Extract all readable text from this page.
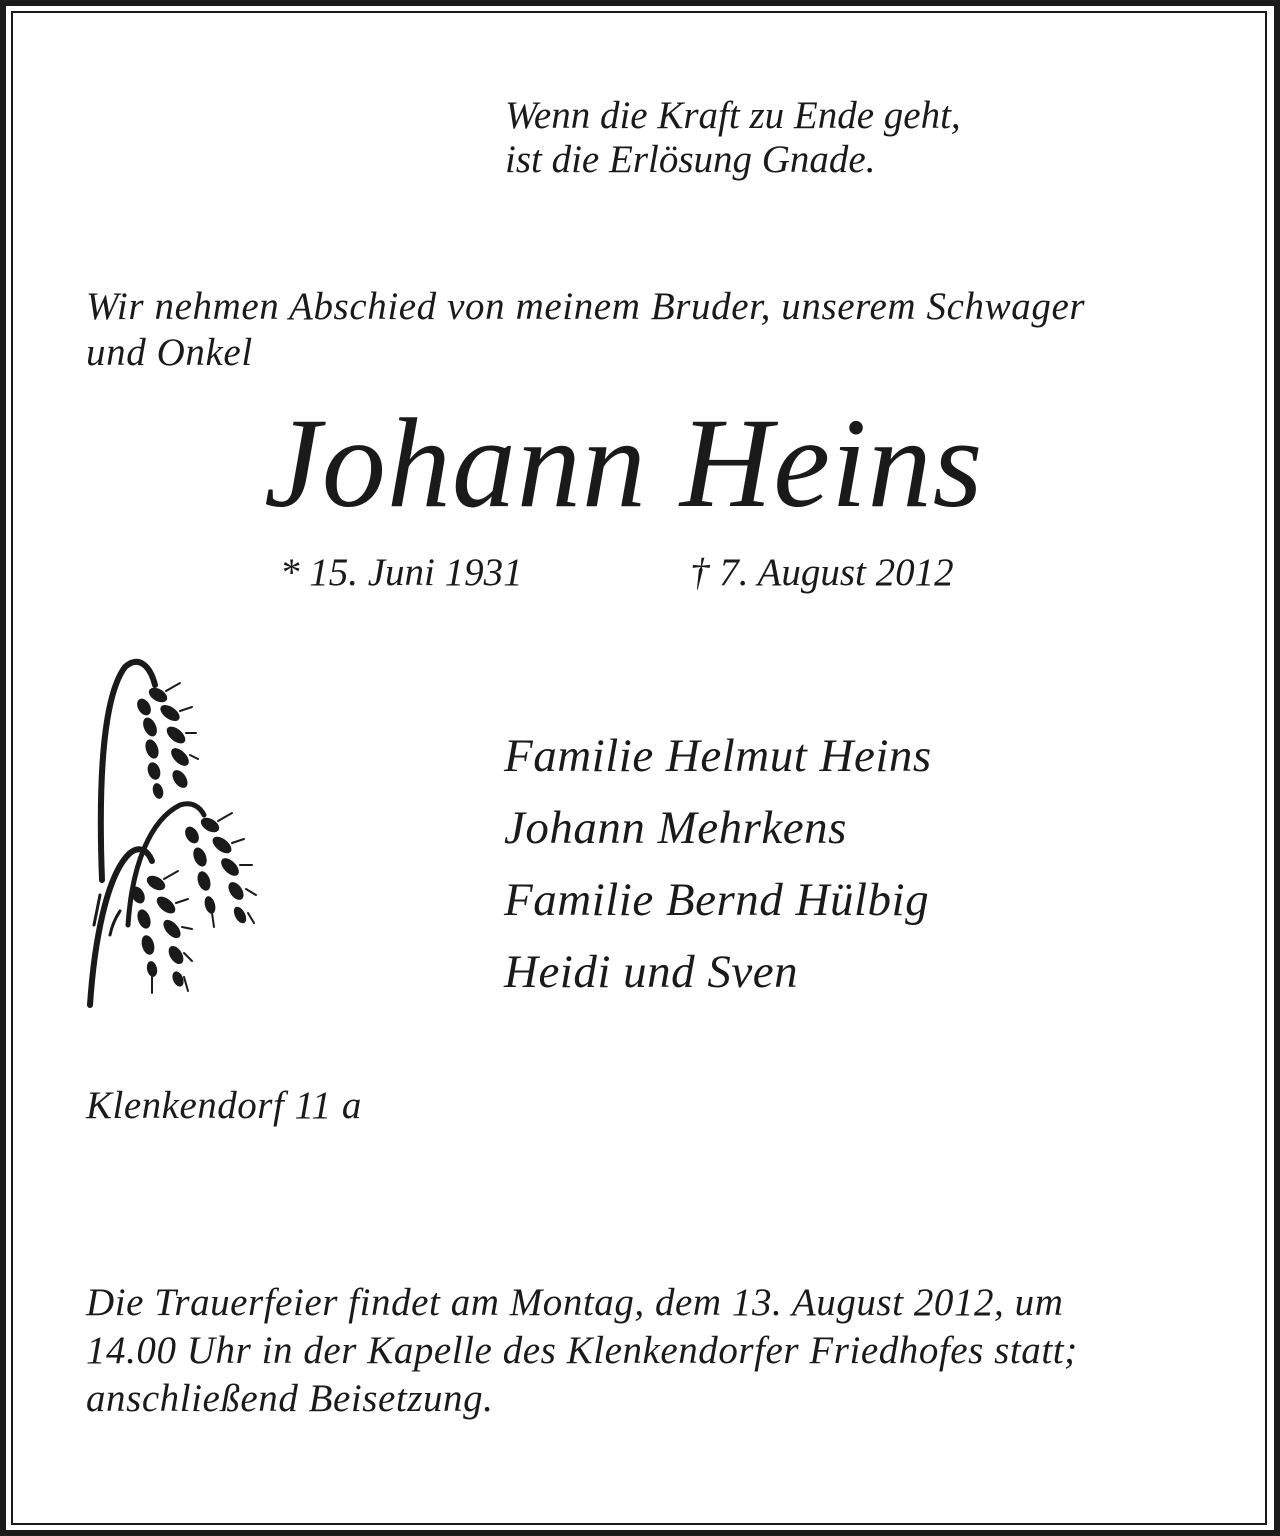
Wenn die Kraft zu Ende geht,
ist die Erlösung Gnade.

Wir nehmen Abschied von meinem Bruder, unserem Schwager
und Onkel

Johann Heins

* 15. Juni 1931	† 7. August 2012

Familie Helmut Heins
Johann Mehrkens
Familie Bernd Hülbig
Heidi und Sven

Klenkendorf 11 a

Die Trauerfeier findet am Montag, dem 13. August 2012, um
14.00 Uhr in der Kapelle des Klenkendorfer Friedhofes statt;
anschließend Beisetzung.
